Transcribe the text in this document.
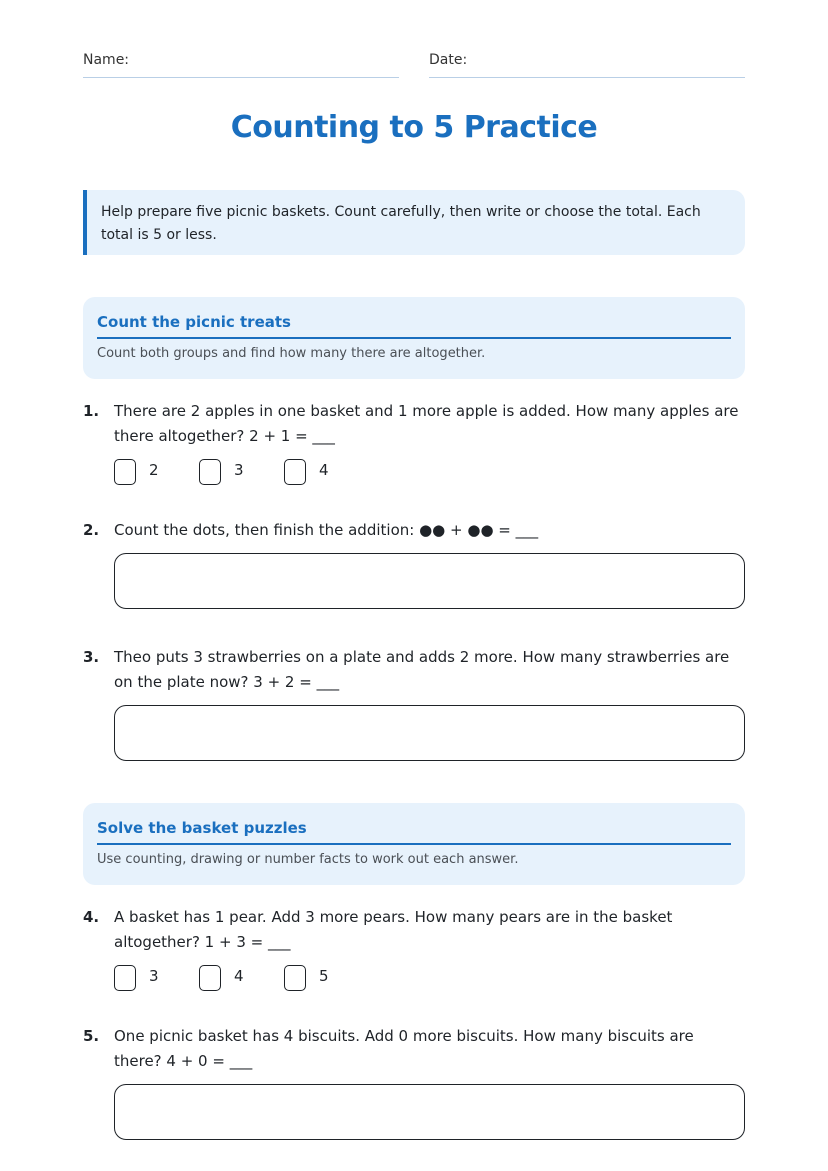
Name:	Date:
Counting to 5 Practice
Help prepare five picnic baskets. Count carefully, then write or choose the total. Each total is 5 or less.
Count the picnic treats
Count both groups and find how many there are altogether.
1. There are 2 apples in one basket and 1 more apple is added. How many apples are there altogether? 2 + 1 = ___
2	3	4
2. Count the dots, then finish the addition: ●● + ●● = ___
3. Theo puts 3 strawberries on a plate and adds 2 more. How many strawberries are on the plate now? 3 + 2 = ___
Solve the basket puzzles
Use counting, drawing or number facts to work out each answer.
4. A basket has 1 pear. Add 3 more pears. How many pears are in the basket altogether? 1 + 3 = ___
3	4	5
5. One picnic basket has 4 biscuits. Add 0 more biscuits. How many biscuits are there? 4 + 0 = ___
